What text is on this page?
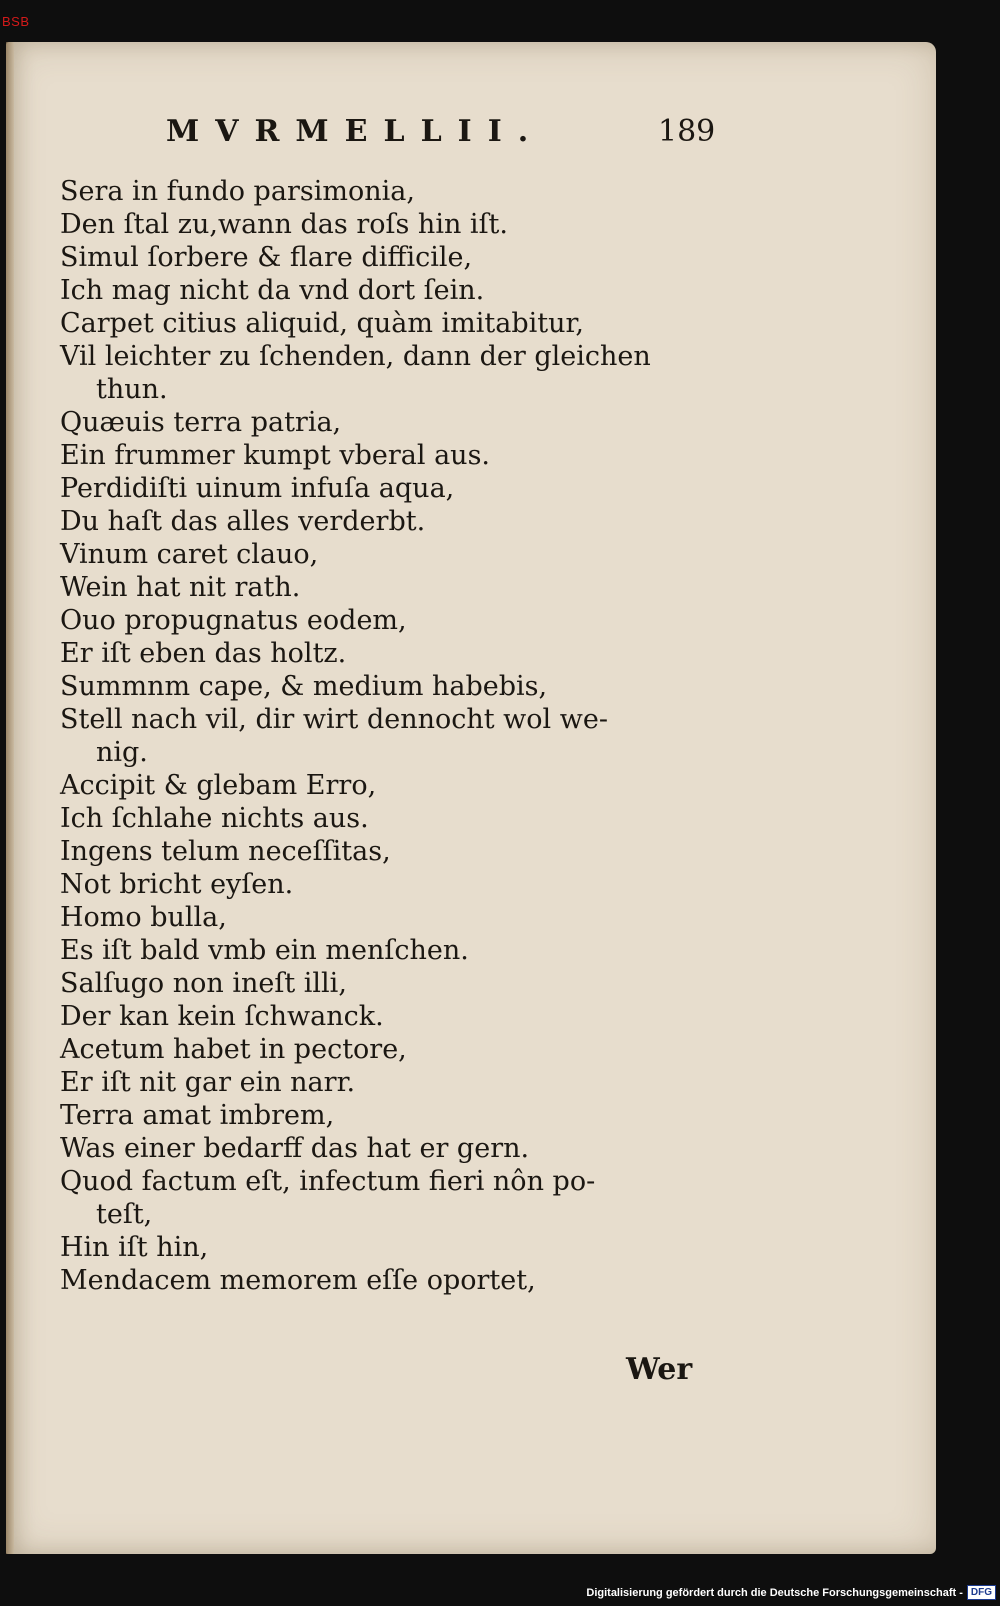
BSB
MVRMELLII.	189
Sera in fundo parsimonia,
Den ſtal zu,wann das roſs hin iſt.
Simul ſorbere & flare difficile,
Ich mag nicht da vnd dort ſein.
Carpet citius aliquid, quàm imitabitur,
Vil leichter zu ſchenden, dann der gleichen
thun.
Quæuis terra patria,
Ein frummer kumpt vberal aus.
Perdidiſti uinum infuſa aqua,
Du haſt das alles verderbt.
Vinum caret clauo,
Wein hat nit rath.
Ouo propugnatus eodem,
Er iſt eben das holtz.
Summnm cape, & medium habebis,
Stell nach vil, dir wirt dennocht wol we-
nig.
Accipit & glebam Erro,
Ich ſchlahe nichts aus.
Ingens telum neceſſitas,
Not bricht eyſen.
Homo bulla,
Es iſt bald vmb ein menſchen.
Salſugo non ineſt illi,
Der kan kein ſchwanck.
Acetum habet in pectore,
Er iſt nit gar ein narr.
Terra amat imbrem,
Was einer bedarff das hat er gern.
Quod factum eſt, infectum fieri nôn po-
teſt,
Hin iſt hin,
Mendacem memorem eſſe oportet,
Wer
Digitalisierung gefördert durch die Deutsche Forschungsgemeinschaft - DFG
